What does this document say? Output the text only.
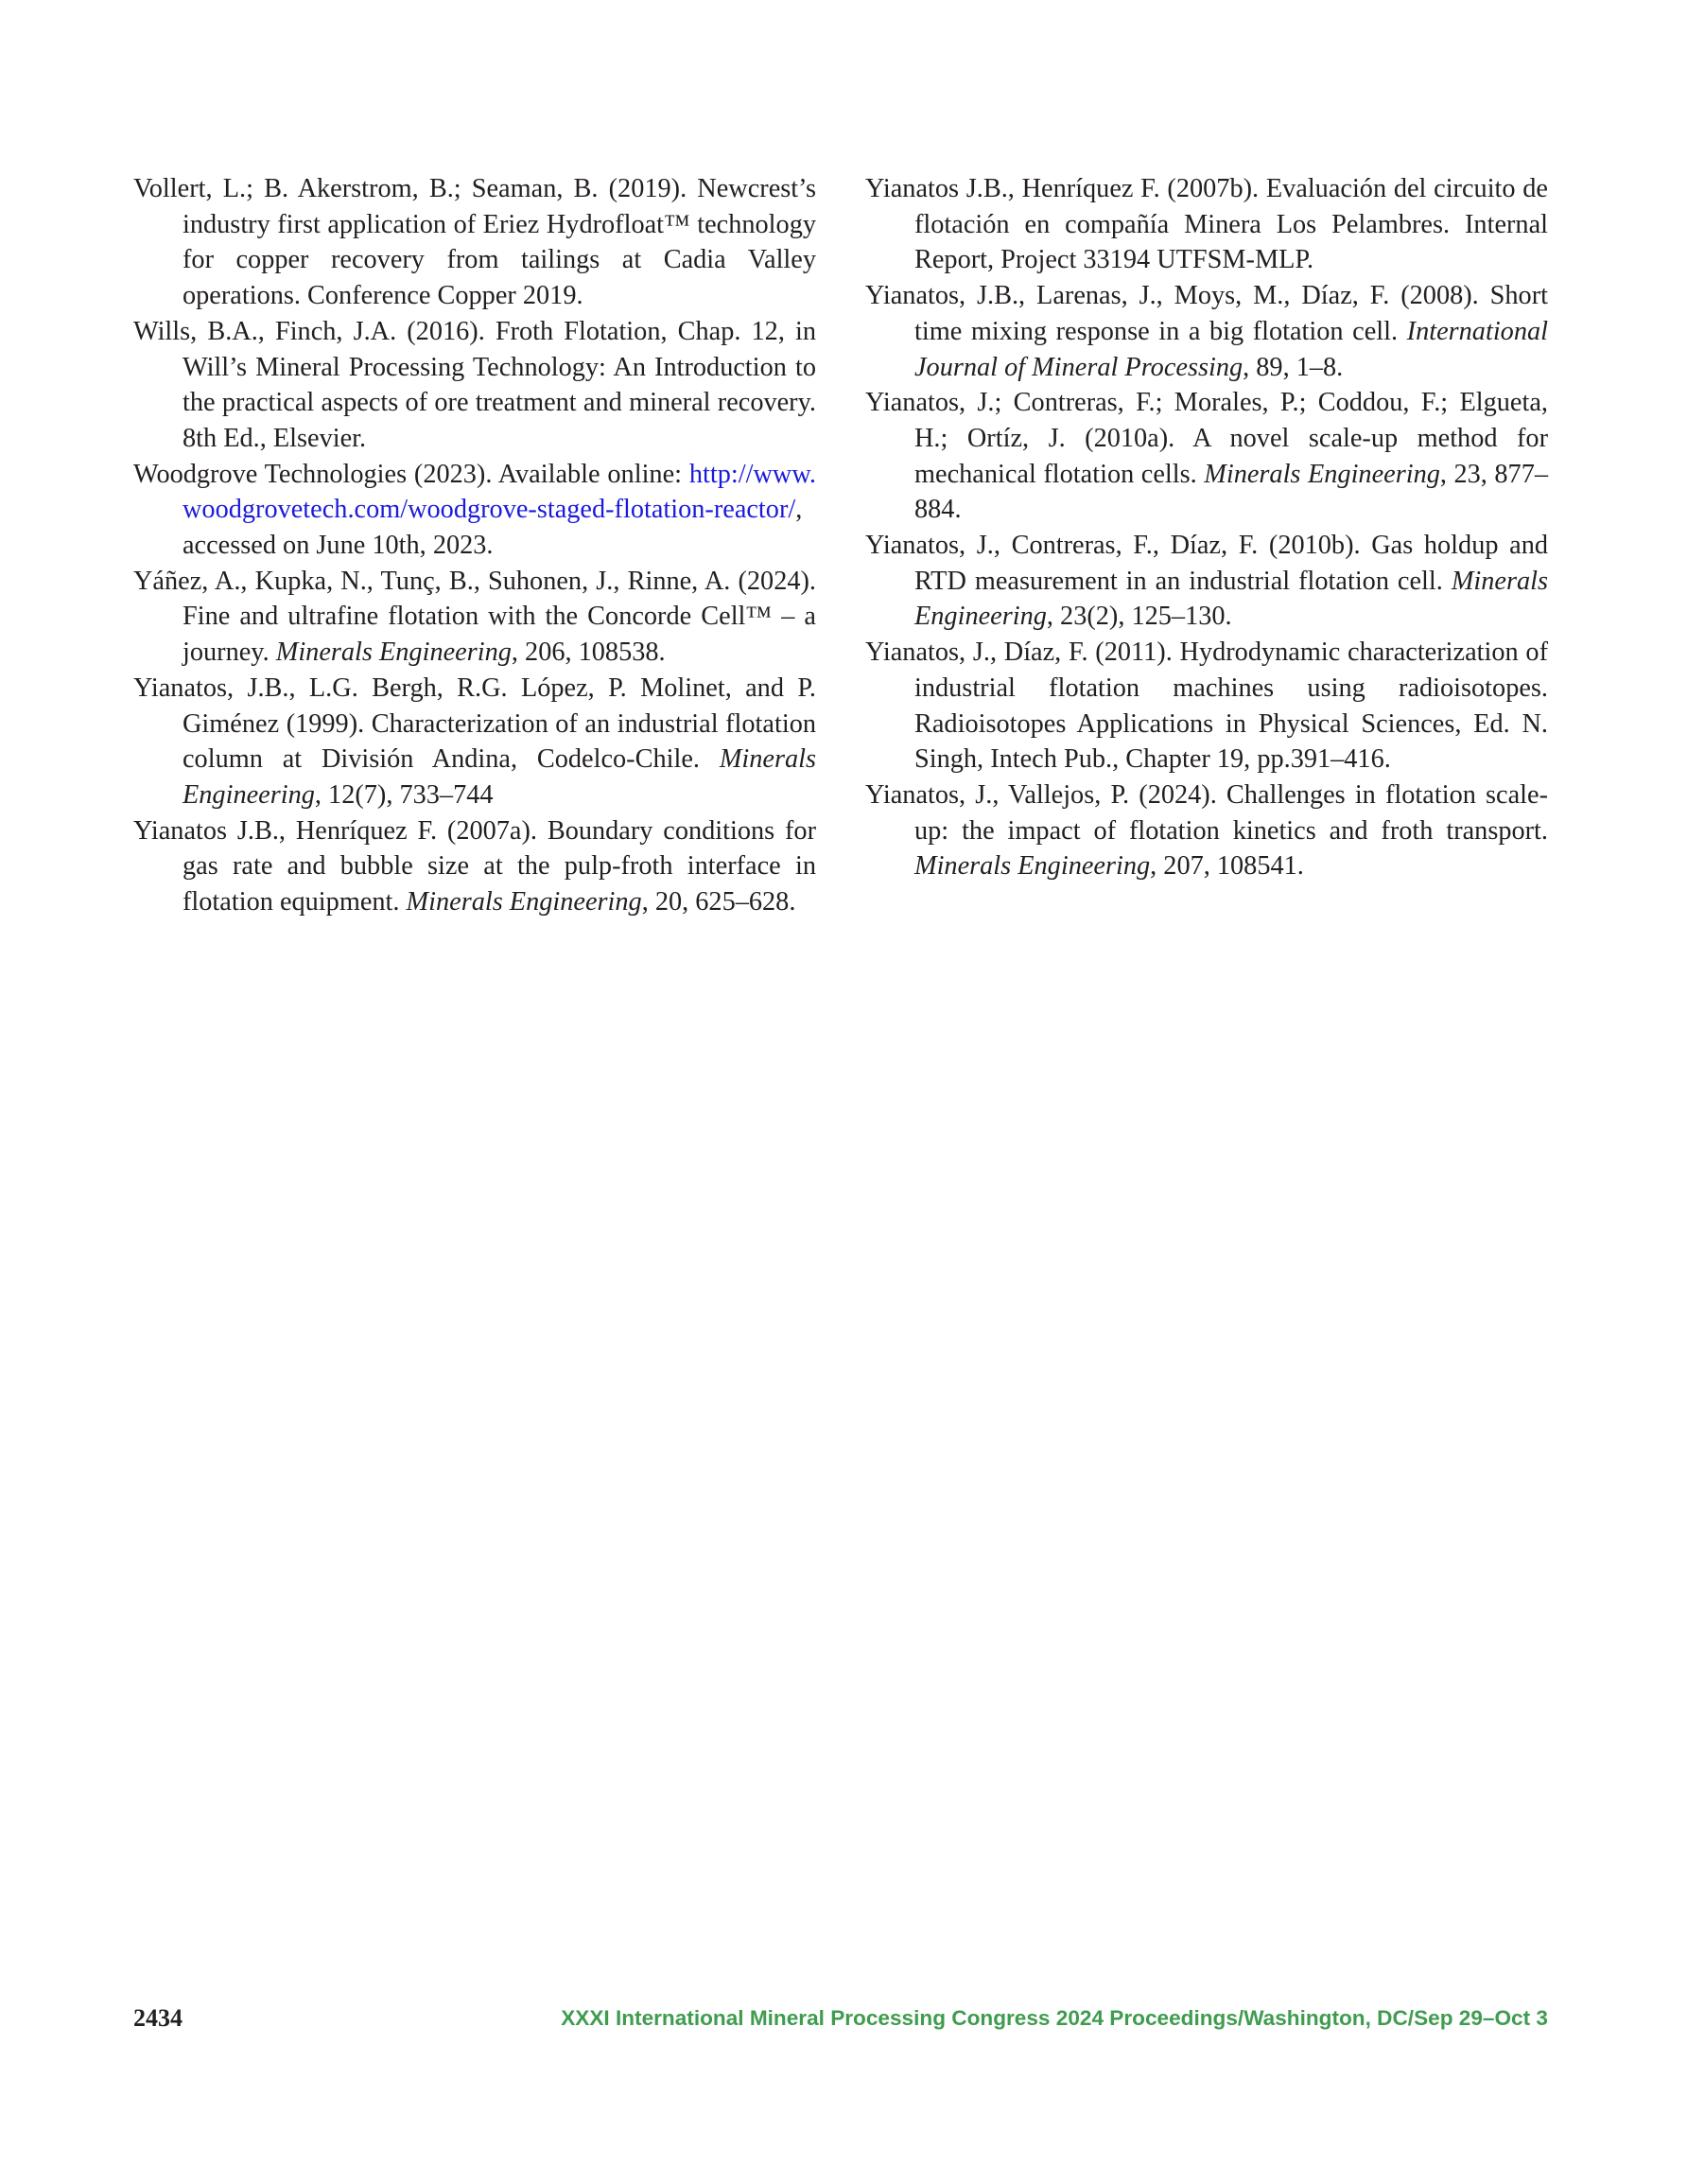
Vollert, L.; B. Akerstrom, B.; Seaman, B. (2019). Newcrest’s industry first application of Eriez Hydrofloat™ technology for copper recovery from tailings at Cadia Valley operations. Conference Copper 2019.

Wills, B.A., Finch, J.A. (2016). Froth Flotation, Chap. 12, in Will’s Mineral Processing Technology: An Introduction to the practical aspects of ore treatment and mineral recovery. 8th Ed., Elsevier.

Woodgrove Technologies (2023). Available online: http://www.woodgrovetech.com/woodgrove-staged-flotation-reactor/, accessed on June 10th, 2023.

Yáñez, A., Kupka, N., Tunç, B., Suhonen, J., Rinne, A. (2024). Fine and ultrafine flotation with the Concorde Cell™ – a journey. Minerals Engineering, 206, 108538.

Yianatos, J.B., L.G. Bergh, R.G. López, P. Molinet, and P. Giménez (1999). Characterization of an industrial flotation column at División Andina, Codelco-Chile. Minerals Engineering, 12(7), 733–744

Yianatos J.B., Henríquez F. (2007a). Boundary conditions for gas rate and bubble size at the pulp-froth interface in flotation equipment. Minerals Engineering, 20, 625–628.

Yianatos J.B., Henríquez F. (2007b). Evaluación del circuito de flotación en compañía Minera Los Pelambres. Internal Report, Project 33194 UTFSM-MLP.

Yianatos, J.B., Larenas, J., Moys, M., Díaz, F. (2008). Short time mixing response in a big flotation cell. International Journal of Mineral Processing, 89, 1–8.

Yianatos, J.; Contreras, F.; Morales, P.; Coddou, F.; Elgueta, H.; Ortíz, J. (2010a). A novel scale-up method for mechanical flotation cells. Minerals Engineering, 23, 877–884.

Yianatos, J., Contreras, F., Díaz, F. (2010b). Gas holdup and RTD measurement in an industrial flotation cell. Minerals Engineering, 23(2), 125–130.

Yianatos, J., Díaz, F. (2011). Hydrodynamic characterization of industrial flotation machines using radioisotopes. Radioisotopes Applications in Physical Sciences, Ed. N. Singh, Intech Pub., Chapter 19, pp.391–416.

Yianatos, J., Vallejos, P. (2024). Challenges in flotation scale-up: the impact of flotation kinetics and froth transport. Minerals Engineering, 207, 108541.

2434	XXXI International Mineral Processing Congress 2024 Proceedings/Washington, DC/Sep 29–Oct 3
